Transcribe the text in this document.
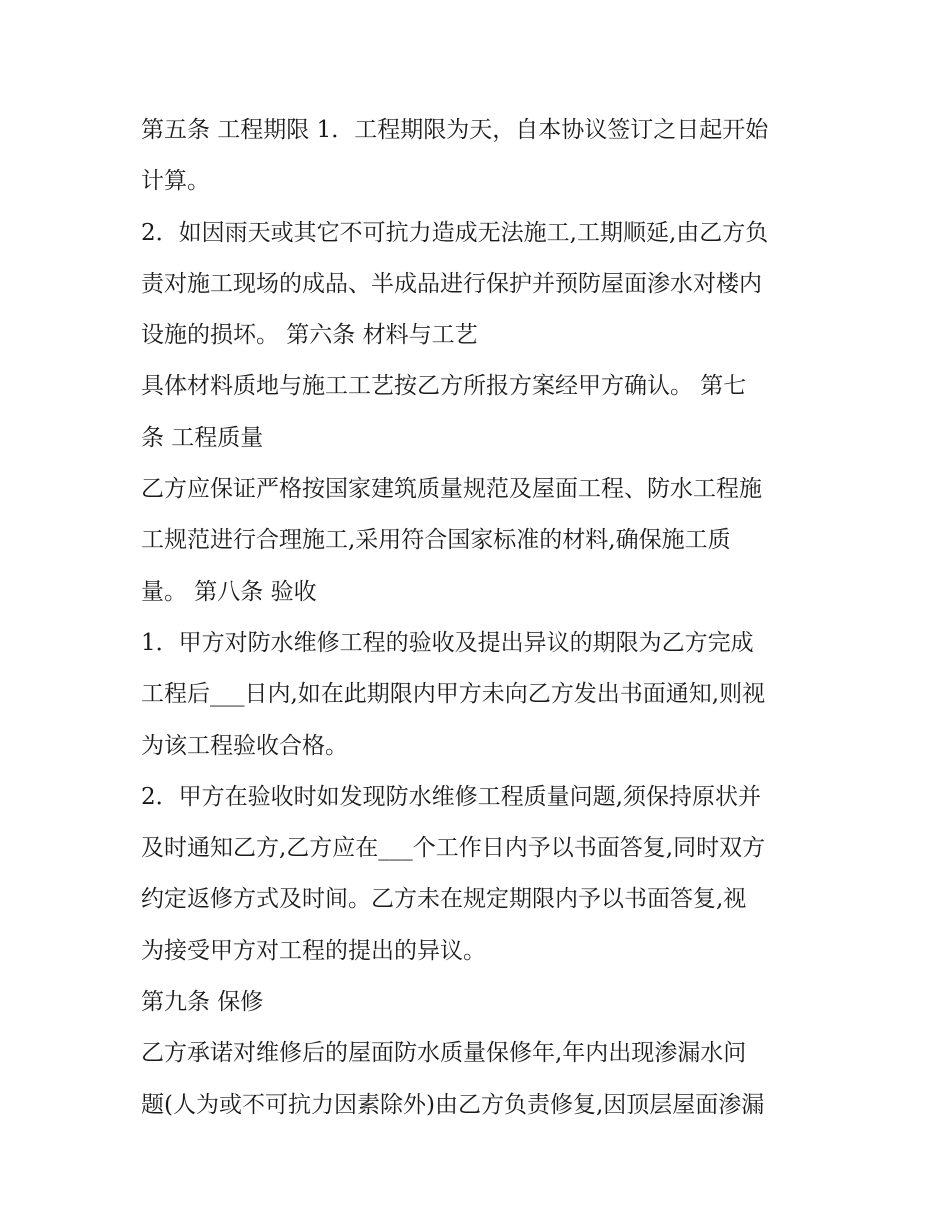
第五条 工程期限 1．工程期限为天，自本协议签订之日起开始
计算。
2．如因雨天或其它不可抗力造成无法施工,工期顺延,由乙方负
责对施工现场的成品、半成品进行保护并预防屋面渗水对楼内
设施的损坏。 第六条 材料与工艺
具体材料质地与施工工艺按乙方所报方案经甲方确认。 第七
条 工程质量
乙方应保证严格按国家建筑质量规范及屋面工程、防水工程施
工规范进行合理施工,采用符合国家标准的材料,确保施工质
量。 第八条 验收
1．甲方对防水维修工程的验收及提出异议的期限为乙方完成
工程后___日内,如在此期限内甲方未向乙方发出书面通知,则视
为该工程验收合格。
2．甲方在验收时如发现防水维修工程质量问题,须保持原状并
及时通知乙方,乙方应在___个工作日内予以书面答复,同时双方
约定返修方式及时间。乙方未在规定期限内予以书面答复,视
为接受甲方对工程的提出的异议。
第九条 保修
乙方承诺对维修后的屋面防水质量保修年,年内出现渗漏水问
题(人为或不可抗力因素除外)由乙方负责修复,因顶层屋面渗漏
